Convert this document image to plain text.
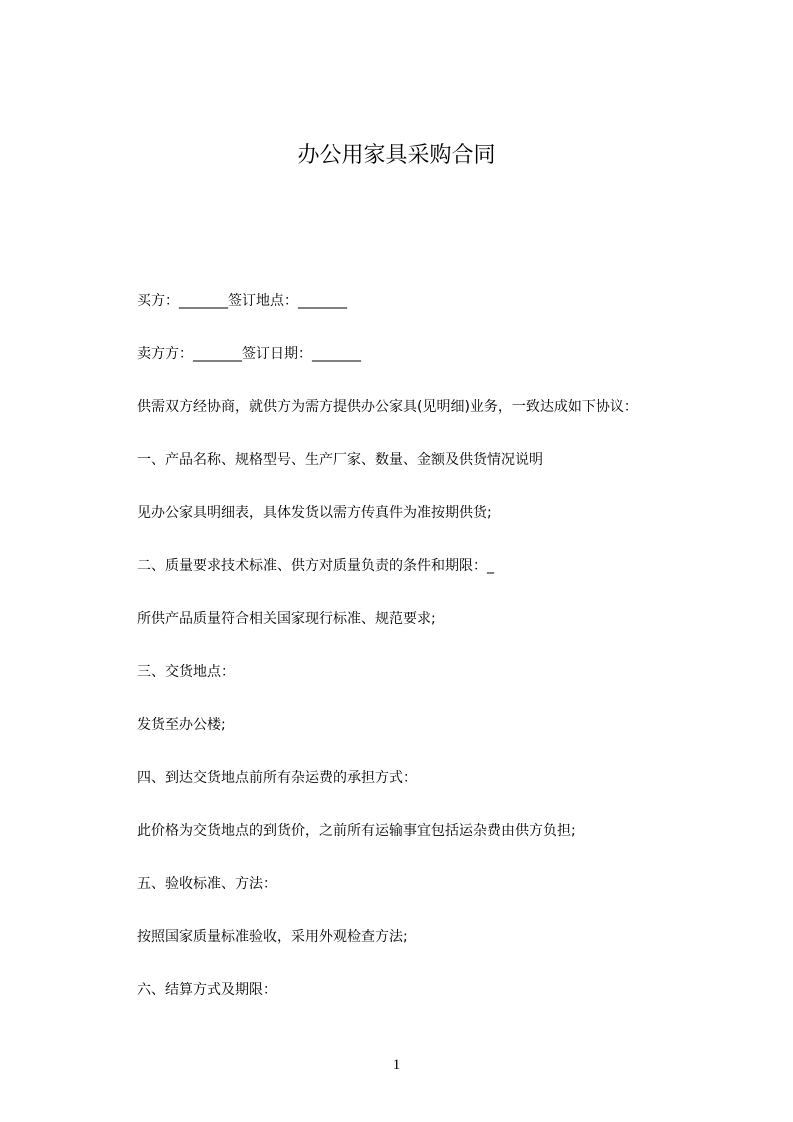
办公用家具采购合同

买方：_______签订地点：_______

卖方方：_______签订日期：_______

供需双方经协商，就供方为需方提供办公家具(见明细)业务，一致达成如下协议：

一、产品名称、规格型号、生产厂家、数量、金额及供货情况说明

见办公家具明细表，具体发货以需方传真件为准按期供货;

二、质量要求技术标准、供方对质量负责的条件和期限：_

所供产品质量符合相关国家现行标准、规范要求;

三、交货地点：

发货至办公楼;

四、到达交货地点前所有杂运费的承担方式：

此价格为交货地点的到货价，之前所有运输事宜包括运杂费由供方负担;

五、验收标准、方法：

按照国家质量标准验收，采用外观检查方法;

六、结算方式及期限：

1
